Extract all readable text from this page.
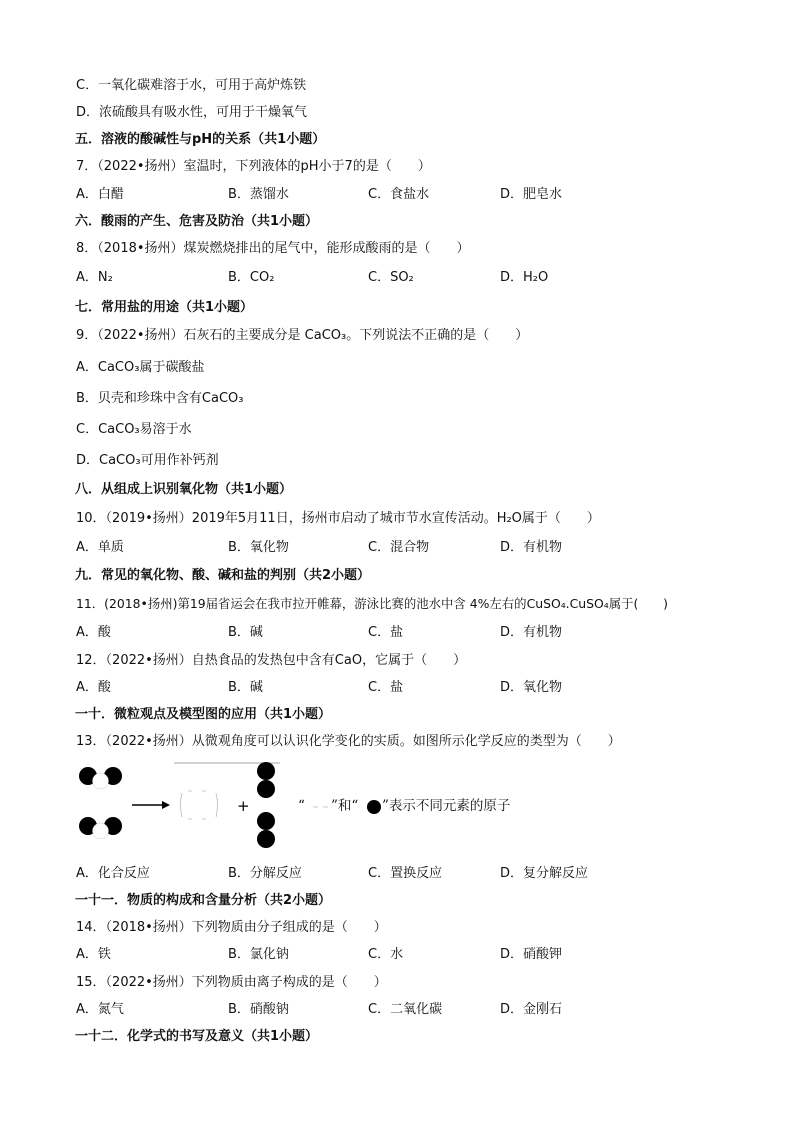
C．一氧化碳难溶于水，可用于高炉炼铁
D．浓硫酸具有吸水性，可用于干燥氧气
五．溶液的酸碱性与pH的关系（共1小题）
7．（2022•扬州）室温时，下列液体的pH小于7的是（　　）
A．白醋	B．蒸馏水	C．食盐水	D．肥皂水
六．酸雨的产生、危害及防治（共1小题）
8．（2018•扬州）煤炭燃烧排出的尾气中，能形成酸雨的是（　　）
A．N₂	B．CO₂	C．SO₂	D．H₂O
七．常用盐的用途（共1小题）
9．（2022•扬州）石灰石的主要成分是 CaCO₃。下列说法不正确的是（　　）
A．CaCO₃属于碳酸盐
B．贝壳和珍珠中含有CaCO₃
C．CaCO₃易溶于水
D．CaCO₃可用作补钙剂
八．从组成上识别氧化物（共1小题）
10．（2019•扬州）2019年5月11日，扬州市启动了城市节水宣传活动。H₂O属于（　　）
A．单质	B．氧化物	C．混合物	D．有机物
九．常见的氧化物、酸、碱和盐的判别（共2小题）
11．(2018•扬州)第19届省运会在我市拉开帷幕，游泳比赛的池水中含 4%左右的CuSO₄.CuSO₄属于(　　)
A．酸	B．碱	C．盐	D．有机物
12．（2022•扬州）自热食品的发热包中含有CaO，它属于（　　）
A．酸	B．碱	C．盐	D．氧化物
一十．微粒观点及模型图的应用（共1小题）
13．（2022•扬州）从微观角度可以认识化学变化的实质。如图所示化学反应的类型为（　　）
+	“ ”和“ ”表示不同元素的原子
A．化合反应	B．分解反应	C．置换反应	D．复分解反应
一十一．物质的构成和含量分析（共2小题）
14．（2018•扬州）下列物质由分子组成的是（　　）
A．铁	B．氯化钠	C．水	D．硝酸钾
15．（2022•扬州）下列物质由离子构成的是（　　）
A．氮气	B．硝酸钠	C．二氧化碳	D．金刚石
一十二．化学式的书写及意义（共1小题）
